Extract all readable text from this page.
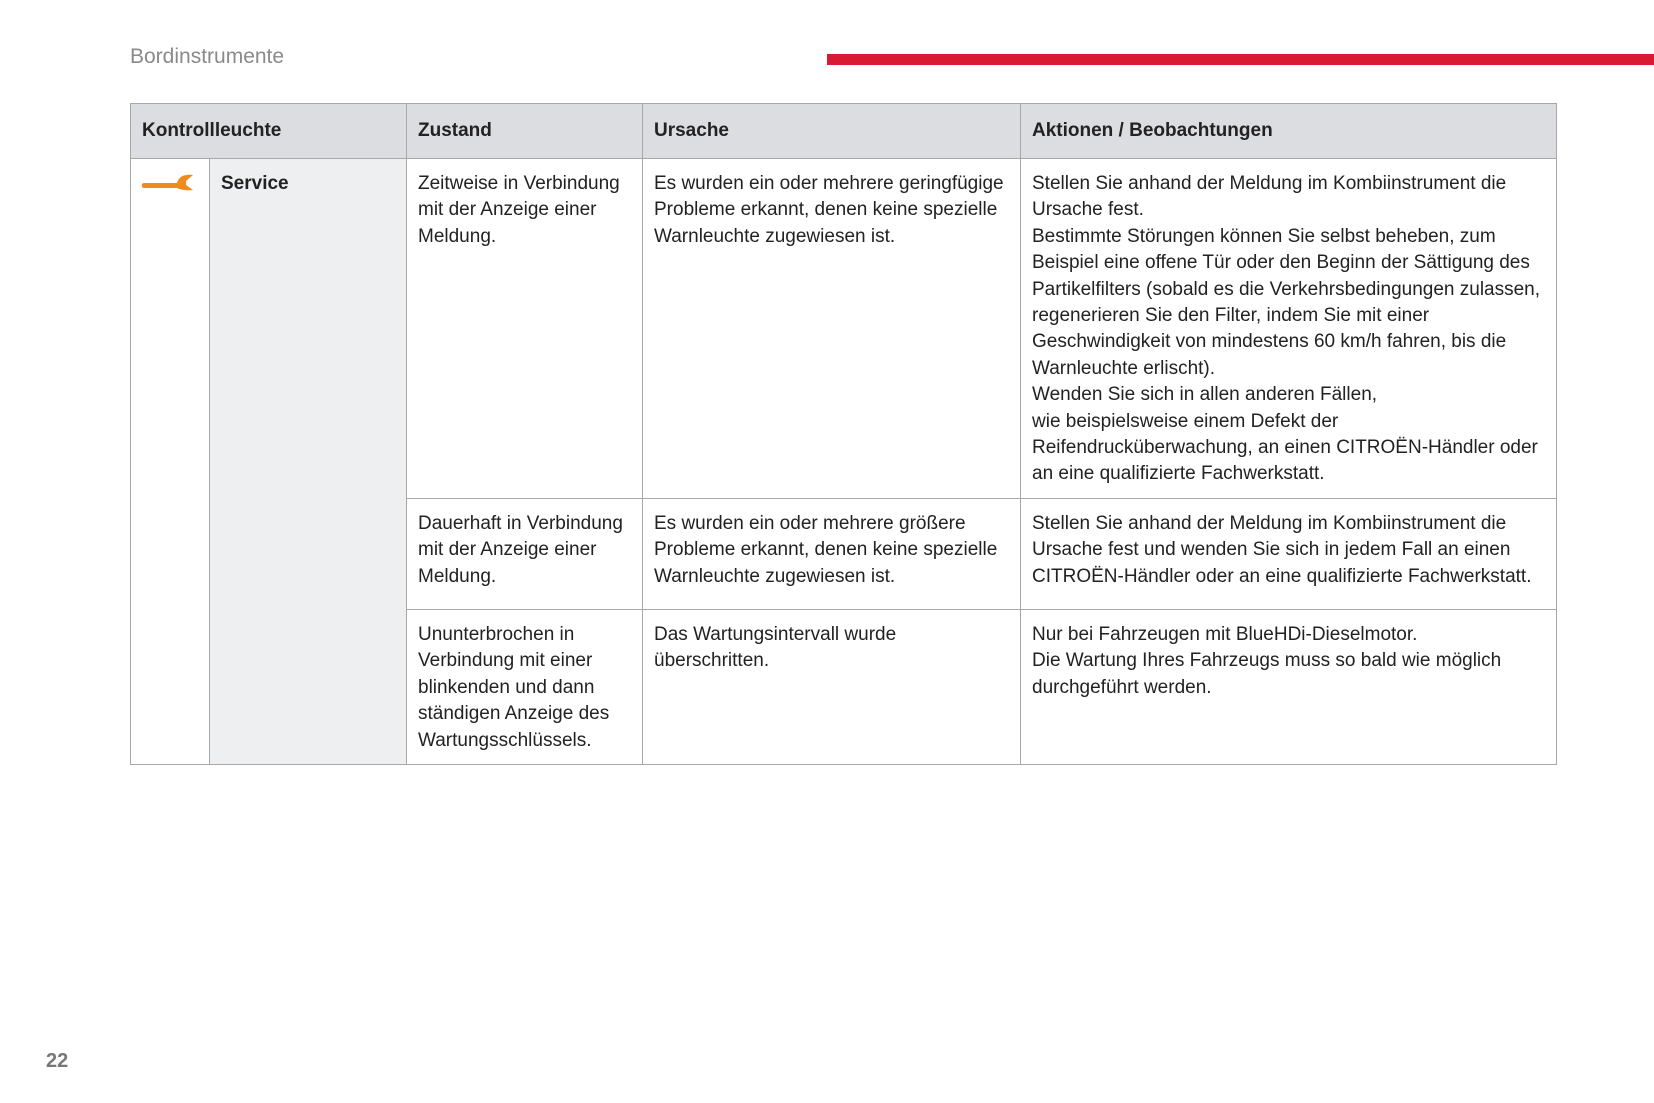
Bordinstrumente
Kontrollleuchte		Zustand	Ursache	Aktionen / Beobachtungen
	Service	Zeitweise in Verbindung mit der Anzeige einer Meldung.	Es wurden ein oder mehrere geringfügige Probleme erkannt, denen keine spezielle Warnleuchte zugewiesen ist.	Stellen Sie anhand der Meldung im Kombiinstrument die Ursache fest.
Bestimmte Störungen können Sie selbst beheben, zum Beispiel eine offene Tür oder den Beginn der Sättigung des Partikelfilters (sobald es die Verkehrsbedingungen zulassen, regenerieren Sie den Filter, indem Sie mit einer Geschwindigkeit von mindestens 60 km/h fahren, bis die Warnleuchte erlischt).
Wenden Sie sich in allen anderen Fällen,
wie beispielsweise einem Defekt der Reifendrucküberwachung, an einen CITROËN-Händler oder an eine qualifizierte Fachwerkstatt.
		Dauerhaft in Verbindung mit der Anzeige einer Meldung.	Es wurden ein oder mehrere größere Probleme erkannt, denen keine spezielle Warnleuchte zugewiesen ist.	Stellen Sie anhand der Meldung im Kombiinstrument die Ursache fest und wenden Sie sich in jedem Fall an einen CITROËN-Händler oder an eine qualifizierte Fachwerkstatt.
		Ununterbrochen in Verbindung mit einer blinkenden und dann ständigen Anzeige des Wartungsschlüssels.	Das Wartungsintervall wurde überschritten.	Nur bei Fahrzeugen mit BlueHDi-Dieselmotor.
Die Wartung Ihres Fahrzeugs muss so bald wie möglich durchgeführt werden.
22
